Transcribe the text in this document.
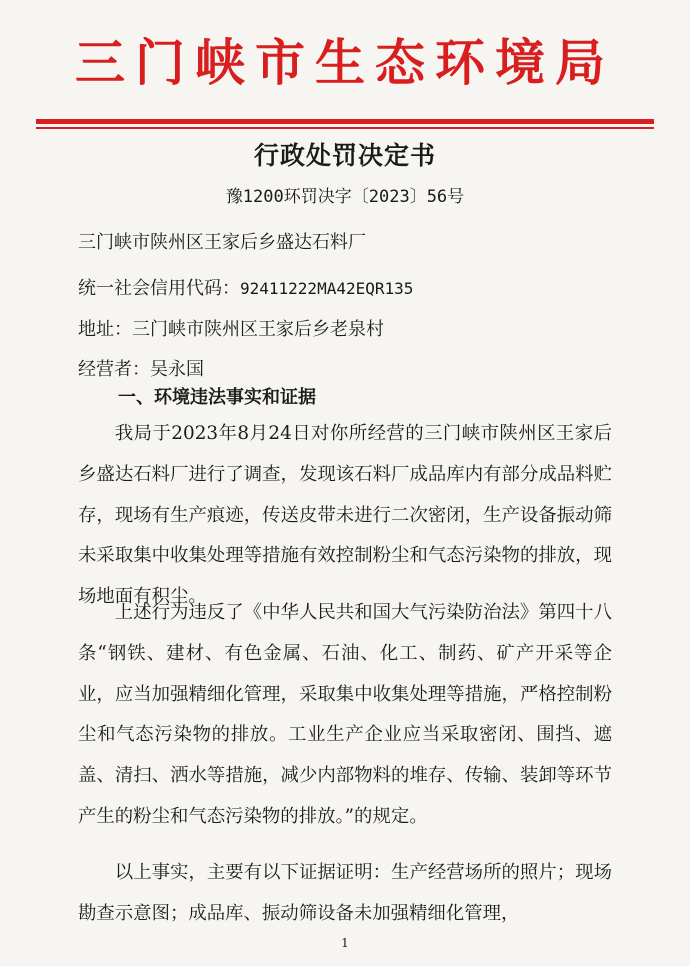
三门峡市生态环境局
行政处罚决定书
豫1200环罚决字〔2023〕56号
三门峡市陕州区王家后乡盛达石料厂
统一社会信用代码：92411222MA42EQR135
地址：三门峡市陕州区王家后乡老泉村
经营者：吴永国
一、环境违法事实和证据
我局于2023年8月24日对你所经营的三门峡市陕州区王家后乡盛达石料厂进行了调查，发现该石料厂成品库内有部分成品料贮存，现场有生产痕迹，传送皮带未进行二次密闭，生产设备振动筛未采取集中收集处理等措施有效控制粉尘和气态污染物的排放，现场地面有积尘。
上述行为违反了《中华人民共和国大气污染防治法》第四十八条“钢铁、建材、有色金属、石油、化工、制药、矿产开采等企业，应当加强精细化管理，采取集中收集处理等措施，严格控制粉尘和气态污染物的排放。工业生产企业应当采取密闭、围挡、遮盖、清扫、洒水等措施，减少内部物料的堆存、传输、装卸等环节产生的粉尘和气态污染物的排放。”的规定。
以上事实，主要有以下证据证明：生产经营场所的照片；现场勘查示意图；成品库、振动筛设备未加强精细化管理，
1
